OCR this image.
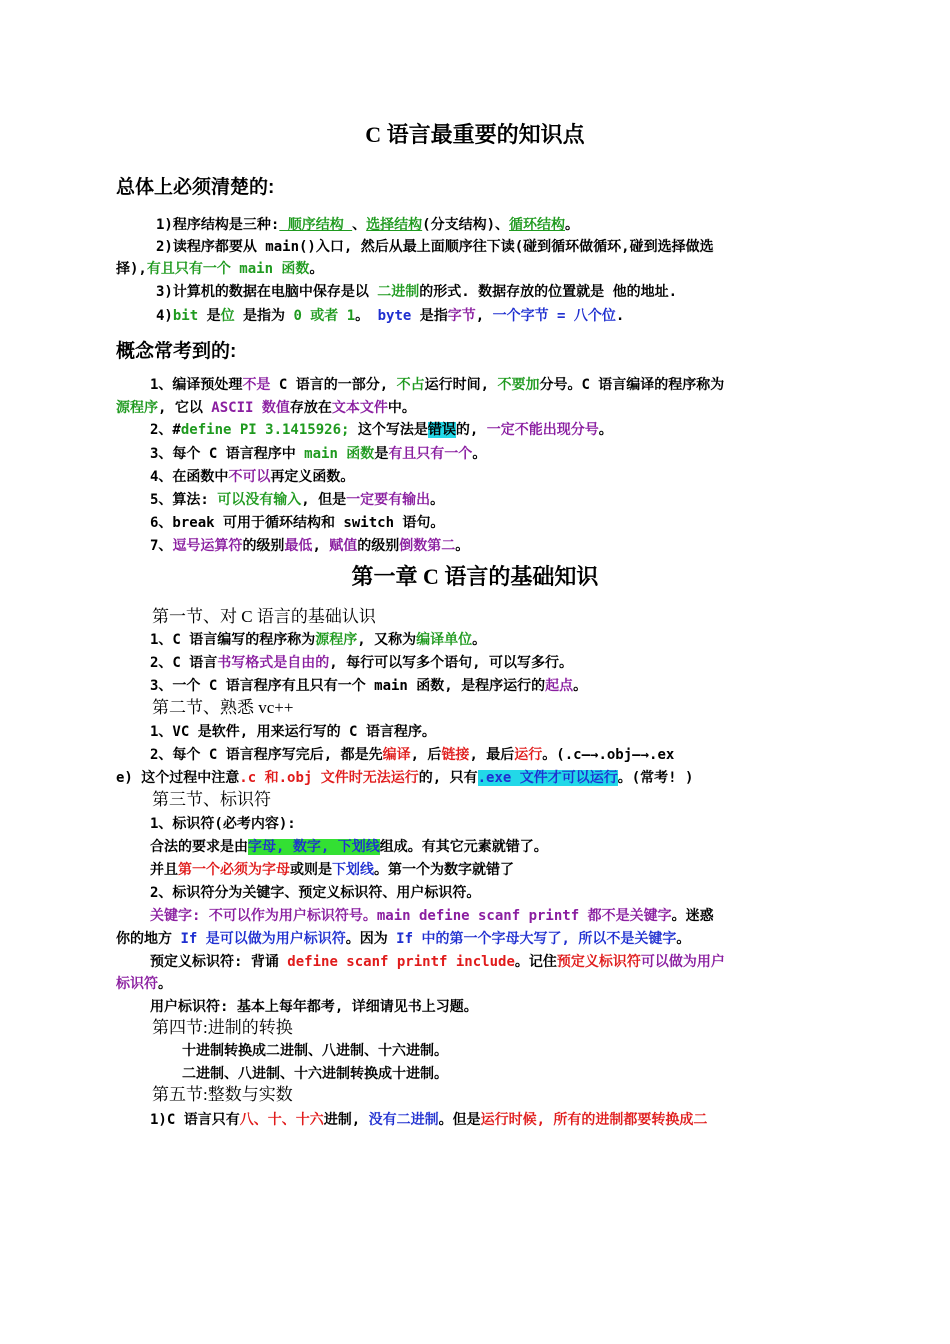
C 语言最重要的知识点
总体上必须清楚的:
1)程序结构是三种: 顺序结构 、选择结构(分支结构)、循环结构。
2)读程序都要从 main()入口, 然后从最上面顺序往下读(碰到循环做循环,碰到选择做选
择),有且只有一个 main 函数。
3)计算机的数据在电脑中保存是以 二进制的形式. 数据存放的位置就是 他的地址.
4)bit 是位 是指为 0 或者 1。 byte 是指字节, 一个字节 = 八个位.
概念常考到的:
1、编译预处理不是 C 语言的一部分, 不占运行时间, 不要加分号。C 语言编译的程序称为
源程序, 它以 ASCII 数值存放在文本文件中。
2、#define PI 3.1415926; 这个写法是错误的, 一定不能出现分号。
3、每个 C 语言程序中 main 函数是有且只有一个。
4、在函数中不可以再定义函数。
5、算法: 可以没有输入, 但是一定要有输出。
6、break 可用于循环结构和 switch 语句。
7、逗号运算符的级别最低, 赋值的级别倒数第二。
第一章 C 语言的基础知识
第一节、对 C 语言的基础认识
1、C 语言编写的程序称为源程序, 又称为编译单位。
2、C 语言书写格式是自由的, 每行可以写多个语句, 可以写多行。
3、一个 C 语言程序有且只有一个 main 函数, 是程序运行的起点。
第二节、熟悉 vc++
1、VC 是软件, 用来运行写的 C 语言程序。
2、每个 C 语言程序写完后, 都是先编译, 后链接, 最后运行。(.c—→.obj—→.ex
e) 这个过程中注意.c 和.obj 文件时无法运行的, 只有.exe 文件才可以运行。(常考! )
第三节、标识符
1、标识符(必考内容):
合法的要求是由字母, 数字, 下划线组成。有其它元素就错了。
并且第一个必须为字母或则是下划线。第一个为数字就错了
2、标识符分为关键字、预定义标识符、用户标识符。
关键字: 不可以作为用户标识符号。main define scanf printf 都不是关键字。迷惑
你的地方 If 是可以做为用户标识符。因为 If 中的第一个字母大写了, 所以不是关键字。
预定义标识符: 背诵 define scanf printf include。记住预定义标识符可以做为用户
标识符。
用户标识符: 基本上每年都考, 详细请见书上习题。
第四节:进制的转换
十进制转换成二进制、八进制、十六进制。
二进制、八进制、十六进制转换成十进制。
第五节:整数与实数
1)C 语言只有八、十、十六进制, 没有二进制。但是运行时候, 所有的进制都要转换成二
